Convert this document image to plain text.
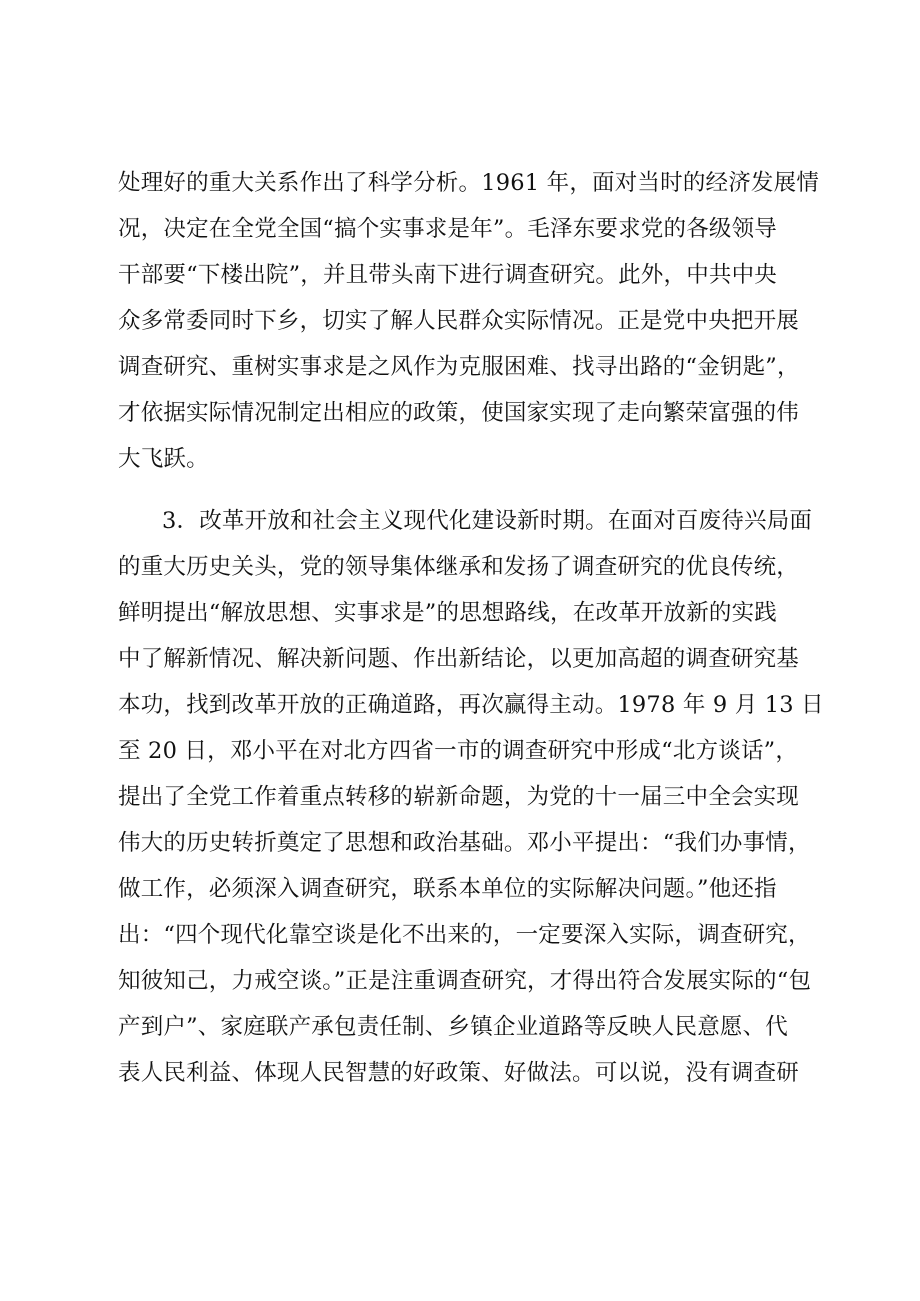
处理好的重大关系作出了科学分析。1961 年，面对当时的经济发展情
况，决定在全党全国“搞个实事求是年”。毛泽东要求党的各级领导
干部要“下楼出院”，并且带头南下进行调查研究。此外，中共中央
众多常委同时下乡，切实了解人民群众实际情况。正是党中央把开展
调查研究、重树实事求是之风作为克服困难、找寻出路的“金钥匙”，
才依据实际情况制定出相应的政策，使国家实现了走向繁荣富强的伟
大飞跃。
3．改革开放和社会主义现代化建设新时期。在面对百废待兴局面
的重大历史关头，党的领导集体继承和发扬了调查研究的优良传统，
鲜明提出“解放思想、实事求是”的思想路线，在改革开放新的实践
中了解新情况、解决新问题、作出新结论，以更加高超的调查研究基
本功，找到改革开放的正确道路，再次赢得主动。1978 年 9 月 13 日
至 20 日，邓小平在对北方四省一市的调查研究中形成“北方谈话”，
提出了全党工作着重点转移的崭新命题，为党的十一届三中全会实现
伟大的历史转折奠定了思想和政治基础。邓小平提出：“我们办事情，
做工作，必须深入调查研究，联系本单位的实际解决问题。”他还指
出：“四个现代化靠空谈是化不出来的，一定要深入实际，调查研究，
知彼知己，力戒空谈。”正是注重调查研究，才得出符合发展实际的“包
产到户”、家庭联产承包责任制、乡镇企业道路等反映人民意愿、代
表人民利益、体现人民智慧的好政策、好做法。可以说，没有调查研
